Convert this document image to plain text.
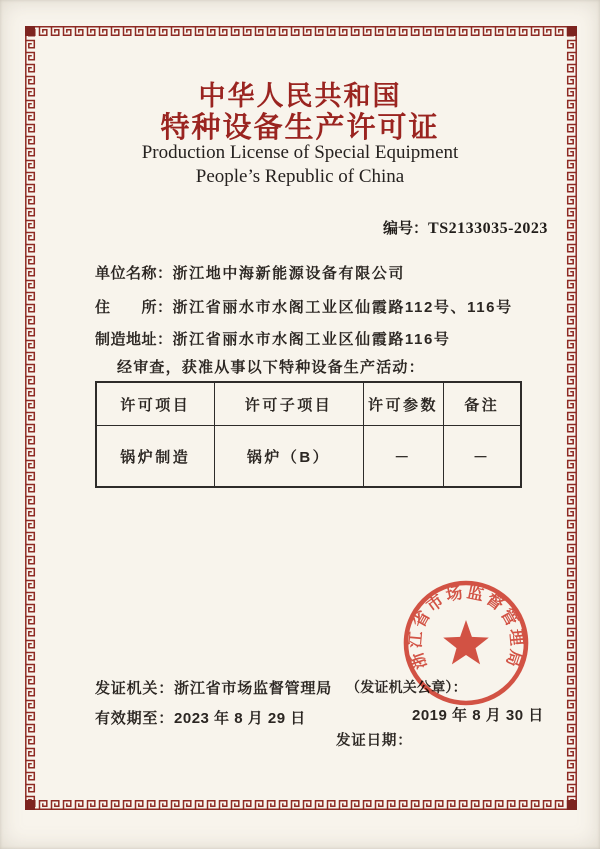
中华人民共和国
特种设备生产许可证
Production License of Special Equipment
People’s Republic of China
编号：TS2133035-2023
单位名称：浙江地中海新能源设备有限公司
住　　所：浙江省丽水市水阁工业区仙霞路112号、116号
制造地址：浙江省丽水市水阁工业区仙霞路116号
经审查，获准从事以下特种设备生产活动：
许可项目	许可子项目	许可参数	备注
锅炉制造	锅炉（B）	－	－
发证机关：浙江省市场监督管理局 （发证机关公章）：
有效期至：2023 年 8 月 29 日	2019 年 8 月 30 日
发证日期：
浙江省市场监督管理局
